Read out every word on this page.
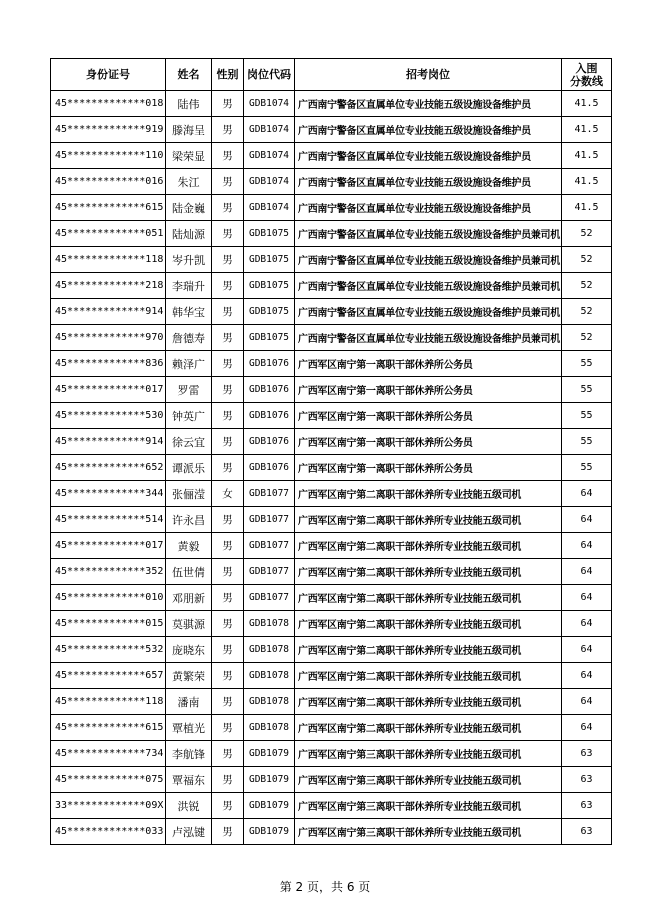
身份证号	姓名	性别	岗位代码	招考岗位	入围
分数线
45*************018	陆伟	男	GDB1074	广西南宁警备区直属单位专业技能五级设施设备维护员	41.5
45*************919	滕海呈	男	GDB1074	广西南宁警备区直属单位专业技能五级设施设备维护员	41.5
45*************110	梁荣显	男	GDB1074	广西南宁警备区直属单位专业技能五级设施设备维护员	41.5
45*************016	朱江	男	GDB1074	广西南宁警备区直属单位专业技能五级设施设备维护员	41.5
45*************615	陆金巍	男	GDB1074	广西南宁警备区直属单位专业技能五级设施设备维护员	41.5
45*************051	陆灿源	男	GDB1075	广西南宁警备区直属单位专业技能五级设施设备维护员兼司机	52
45*************118	岑升凯	男	GDB1075	广西南宁警备区直属单位专业技能五级设施设备维护员兼司机	52
45*************218	李瑞升	男	GDB1075	广西南宁警备区直属单位专业技能五级设施设备维护员兼司机	52
45*************914	韩华宝	男	GDB1075	广西南宁警备区直属单位专业技能五级设施设备维护员兼司机	52
45*************970	詹德寿	男	GDB1075	广西南宁警备区直属单位专业技能五级设施设备维护员兼司机	52
45*************836	赖泽广	男	GDB1076	广西军区南宁第一离职干部休养所公务员	55
45*************017	罗雷	男	GDB1076	广西军区南宁第一离职干部休养所公务员	55
45*************530	钟英广	男	GDB1076	广西军区南宁第一离职干部休养所公务员	55
45*************914	徐云宜	男	GDB1076	广西军区南宁第一离职干部休养所公务员	55
45*************652	谭派乐	男	GDB1076	广西军区南宁第一离职干部休养所公务员	55
45*************344	张俪滢	女	GDB1077	广西军区南宁第二离职干部休养所专业技能五级司机	64
45*************514	许永昌	男	GDB1077	广西军区南宁第二离职干部休养所专业技能五级司机	64
45*************017	黄毅	男	GDB1077	广西军区南宁第二离职干部休养所专业技能五级司机	64
45*************352	伍世倩	男	GDB1077	广西军区南宁第二离职干部休养所专业技能五级司机	64
45*************010	邓朋新	男	GDB1077	广西军区南宁第二离职干部休养所专业技能五级司机	64
45*************015	莫骐源	男	GDB1078	广西军区南宁第二离职干部休养所专业技能五级司机	64
45*************532	庞晓东	男	GDB1078	广西军区南宁第二离职干部休养所专业技能五级司机	64
45*************657	黄繁荣	男	GDB1078	广西军区南宁第二离职干部休养所专业技能五级司机	64
45*************118	潘南	男	GDB1078	广西军区南宁第二离职干部休养所专业技能五级司机	64
45*************615	覃植光	男	GDB1078	广西军区南宁第二离职干部休养所专业技能五级司机	64
45*************734	李航锋	男	GDB1079	广西军区南宁第三离职干部休养所专业技能五级司机	63
45*************075	覃福东	男	GDB1079	广西军区南宁第三离职干部休养所专业技能五级司机	63
33*************09X	洪锐	男	GDB1079	广西军区南宁第三离职干部休养所专业技能五级司机	63
45*************033	卢泓键	男	GDB1079	广西军区南宁第三离职干部休养所专业技能五级司机	63
第 2 页，共 6 页
